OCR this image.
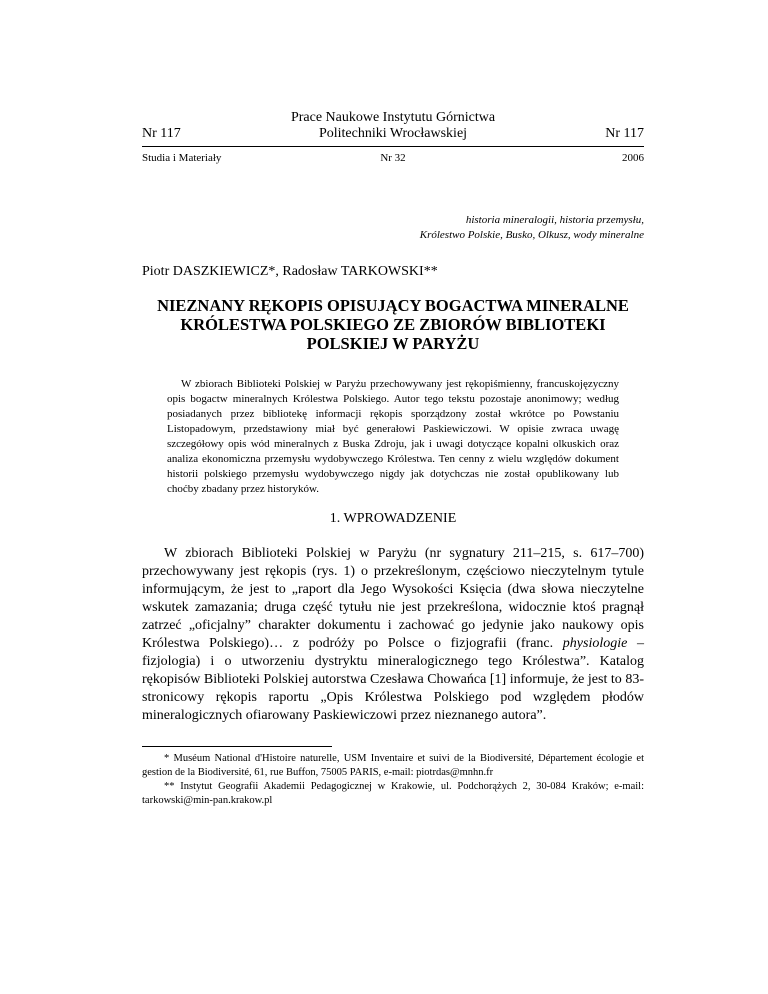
Nr 117
Prace Naukowe Instytutu Górnictwa
Politechniki Wrocławskiej	Nr 117
Studia i Materiały	Nr 32	2006
historia mineralogii, historia przemysłu,
Królestwo Polskie, Busko, Olkusz, wody mineralne
Piotr DASZKIEWICZ*, Radosław TARKOWSKI**
NIEZNANY RĘKOPIS OPISUJĄCY BOGACTWA MINERALNE
KRÓLESTWA POLSKIEGO ZE ZBIORÓW BIBLIOTEKI
POLSKIEJ W PARYŻU

W zbiorach Biblioteki Polskiej w Paryżu przechowywany jest rękopiśmienny, francuskojęzyczny opis bogactw mineralnych Królestwa Polskiego. Autor tego tekstu pozostaje anonimowy; według posiadanych przez bibliotekę informacji rękopis sporządzony został wkrótce po Powstaniu Listopadowym, przedstawiony miał być generałowi Paskiewiczowi. W opisie zwraca uwagę szczegółowy opis wód mineralnych z Buska Zdroju, jak i uwagi dotyczące kopalni olkuskich oraz analiza ekonomiczna przemysłu wydobywczego Królestwa. Ten cenny z wielu względów dokument historii polskiego przemysłu wydobywczego nigdy jak dotychczas nie został opublikowany lub choćby zbadany przez historyków.

1. WPROWADZENIE

W zbiorach Biblioteki Polskiej w Paryżu (nr sygnatury 211–215, s. 617–700) przechowywany jest rękopis (rys. 1) o przekreślonym, częściowo nieczytelnym tytule informującym, że jest to „raport dla Jego Wysokości Księcia (dwa słowa nieczytelne wskutek zamazania; druga część tytułu nie jest przekreślona, widocznie ktoś pragnął zatrzeć „oficjalny” charakter dokumentu i zachować go jedynie jako naukowy opis Królestwa Polskiego)… z podróży po Polsce o fizjografii (franc. physiologie – fizjologia) i o utworzeniu dystryktu mineralogicznego tego Królestwa”. Katalog rękopisów Biblioteki Polskiej autorstwa Czesława Chowańca [1] informuje, że jest to 83-stronicowy rękopis raportu „Opis Królestwa Polskiego pod względem płodów mineralogicznych ofiarowany Paskiewiczowi przez nieznanego autora”.

* Muséum National d'Histoire naturelle, USM Inventaire et suivi de la Biodiversité, Département écologie et gestion de la Biodiversité, 61, rue Buffon, 75005 PARIS, e-mail: piotrdas@mnhn.fr

** Instytut Geografii Akademii Pedagogicznej w Krakowie, ul. Podchorążych 2, 30-084 Kraków; e-mail: tarkowski@min-pan.krakow.pl
